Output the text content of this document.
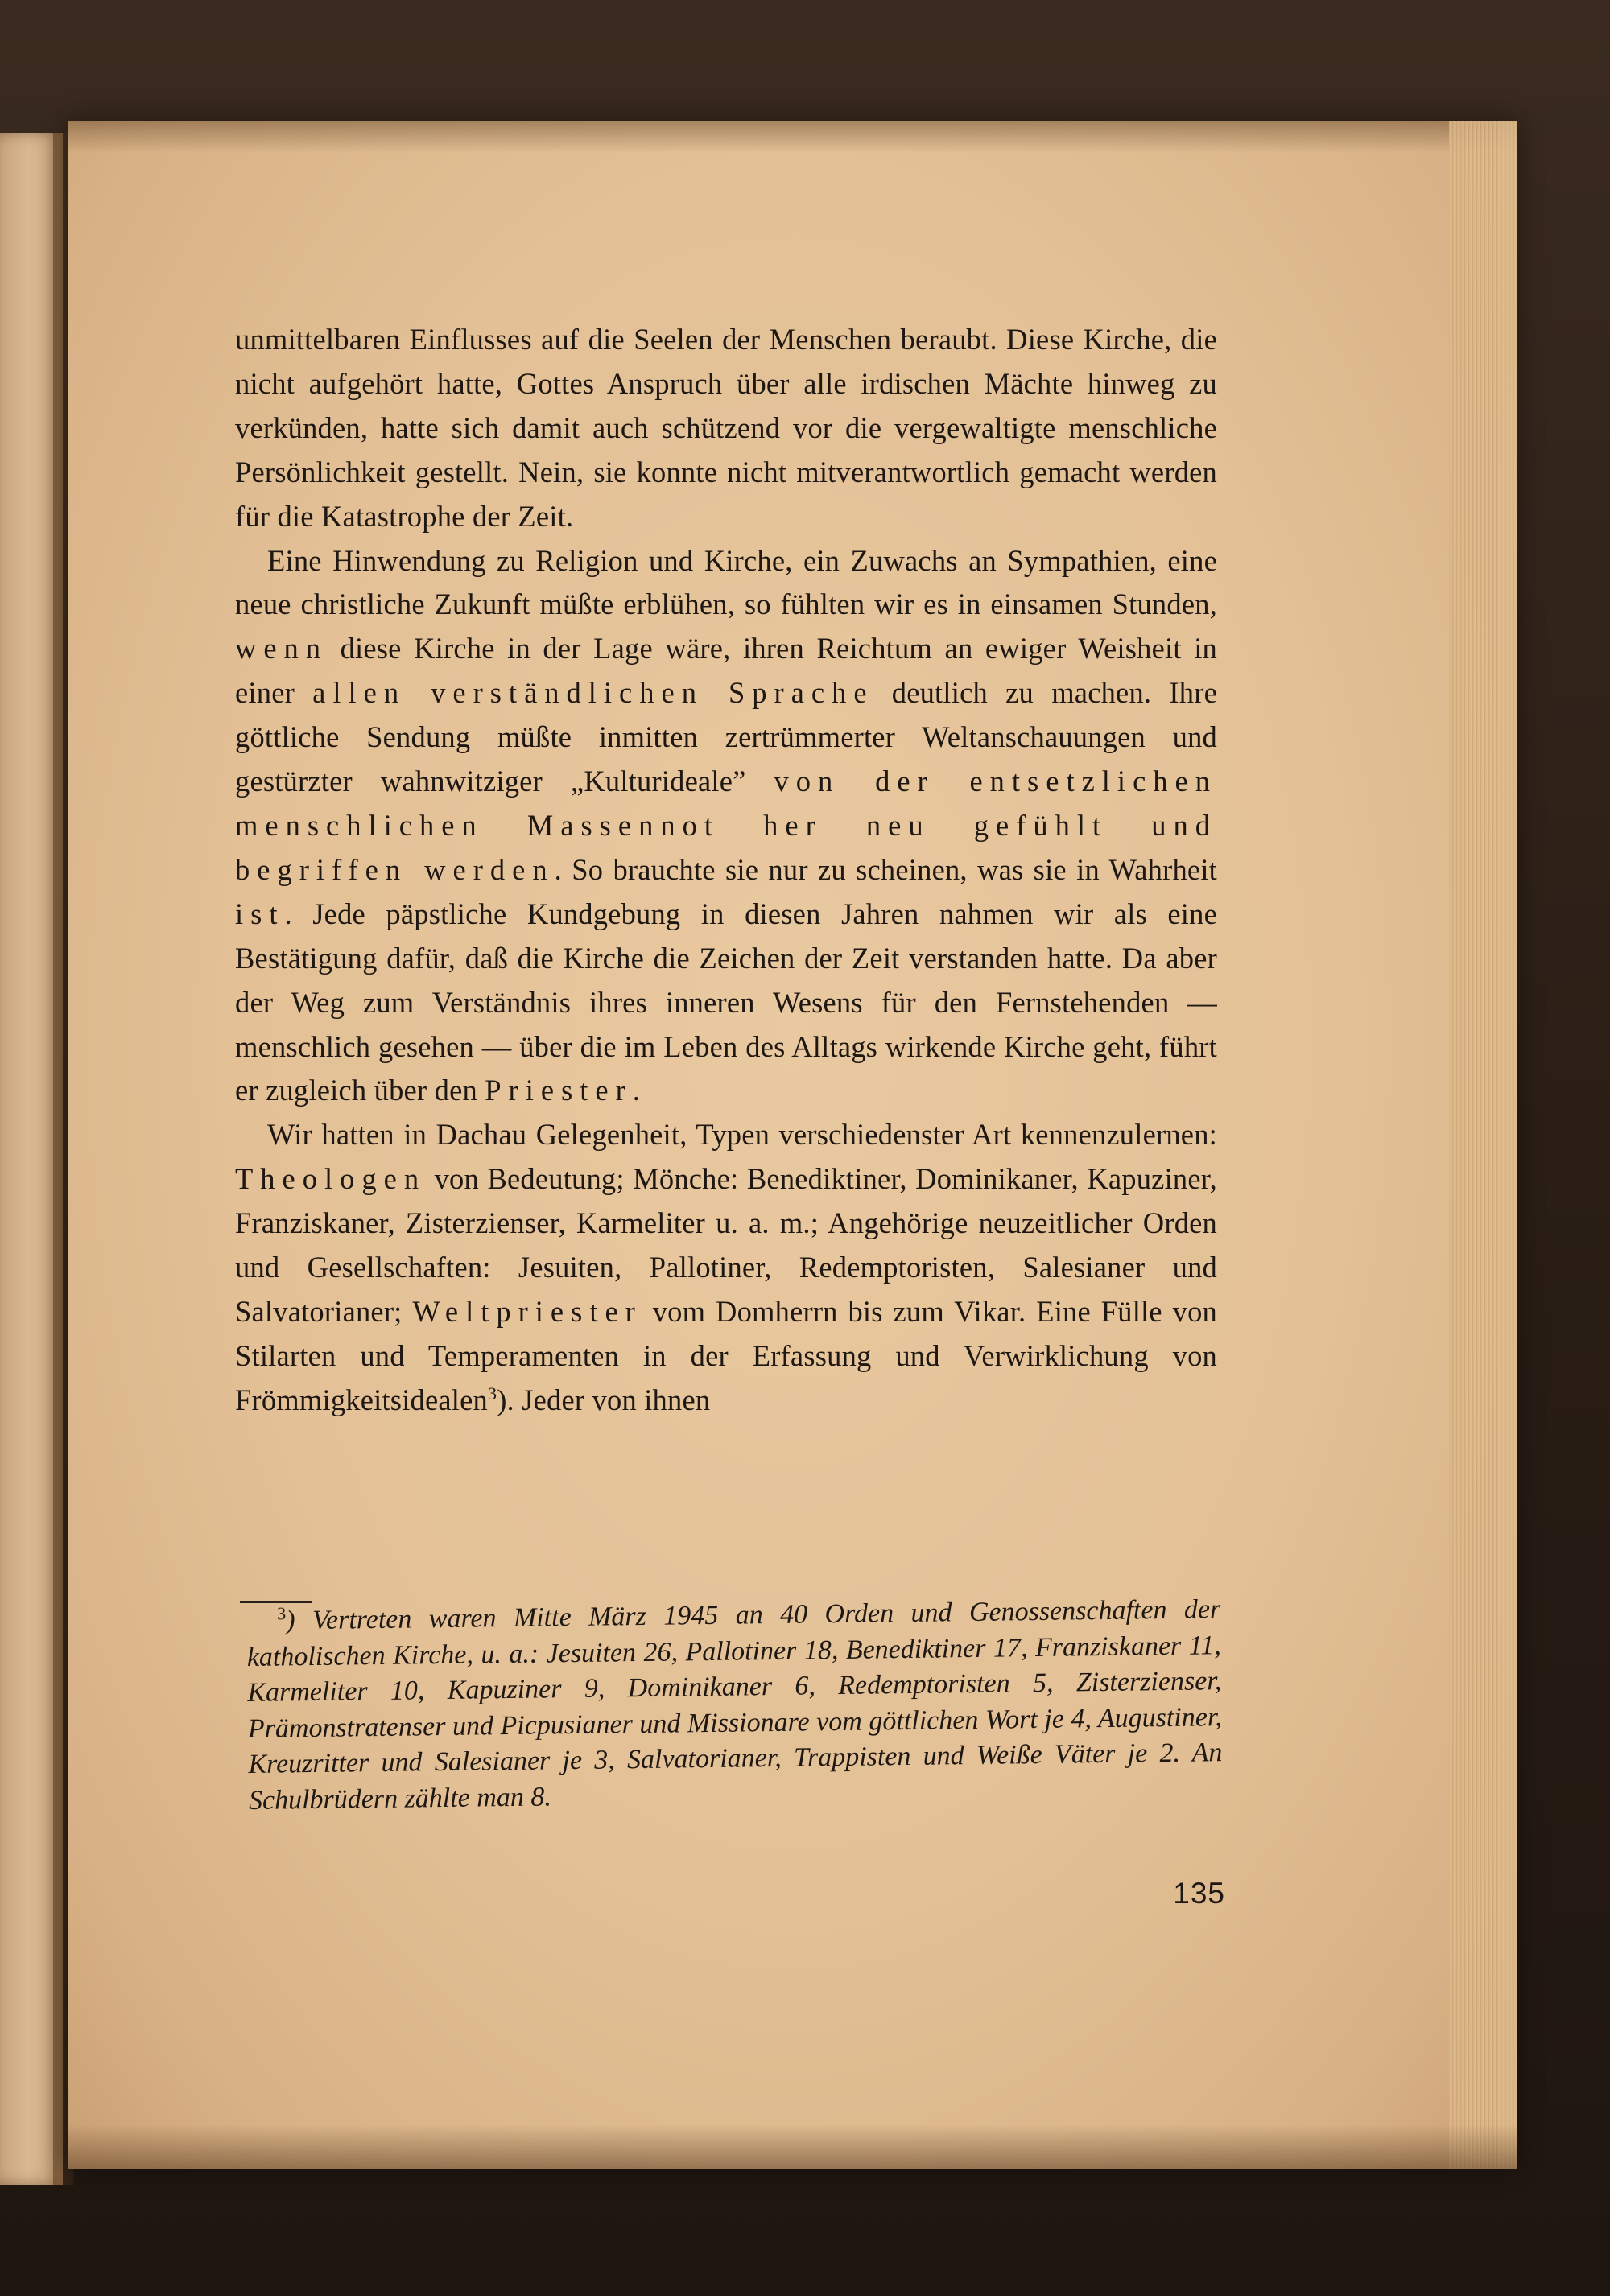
unmittelbaren Einflusses auf die Seelen der Menschen beraubt. Diese Kirche, die nicht aufgehört hatte, Gottes Anspruch über alle irdischen Mächte hinweg zu verkünden, hatte sich damit auch schützend vor die vergewaltigte menschliche Persönlichkeit gestellt. Nein, sie konnte nicht mitverantwortlich gemacht werden für die Katastrophe der Zeit.

Eine Hinwendung zu Religion und Kirche, ein Zuwachs an Sympathien, eine neue christliche Zukunft müßte erblühen, so fühlten wir es in einsamen Stunden, wenn diese Kirche in der Lage wäre, ihren Reichtum an ewiger Weisheit in einer allen verständlichen Sprache deutlich zu machen. Ihre göttliche Sendung müßte inmitten zertrümmerter Weltanschauungen und gestürzter wahnwitziger „Kulturideale” von der entsetzlichen menschlichen Massennot her neu gefühlt und begriffen werden. So brauchte sie nur zu scheinen, was sie in Wahrheit ist. Jede päpstliche Kundgebung in diesen Jahren nahmen wir als eine Bestätigung dafür, daß die Kirche die Zeichen der Zeit verstanden hatte. Da aber der Weg zum Verständnis ihres inneren Wesens für den Fernstehenden — menschlich gesehen — über die im Leben des Alltags wirkende Kirche geht, führt er zugleich über den Priester.

Wir hatten in Dachau Gelegenheit, Typen verschiedenster Art kennenzulernen: Theologen von Bedeutung; Mönche: Benediktiner, Dominikaner, Kapuziner, Franziskaner, Zisterzienser, Karmeliter u. a. m.; Angehörige neuzeitlicher Orden und Gesellschaften: Jesuiten, Pallotiner, Redemptoristen, Salesianer und Salvatorianer; Weltpriester vom Domherrn bis zum Vikar. Eine Fülle von Stilarten und Temperamenten in der Erfassung und Verwirklichung von Frömmigkeitsidealen$^3$). Jeder von ihnen

$^3$) Vertreten waren Mitte März 1945 an 40 Orden und Genossenschaften der katholischen Kirche, u. a.: Jesuiten 26, Pallotiner 18, Benediktiner 17, Franziskaner 11, Karmeliter 10, Kapuziner 9, Dominikaner 6, Redemptoristen 5, Zisterzienser, Prämonstratenser und Picpusianer und Missionare vom göttlichen Wort je 4, Augustiner, Kreuzritter und Salesianer je 3, Salvatorianer, Trappisten und Weiße Väter je 2. An Schulbrüdern zählte man 8.

135
